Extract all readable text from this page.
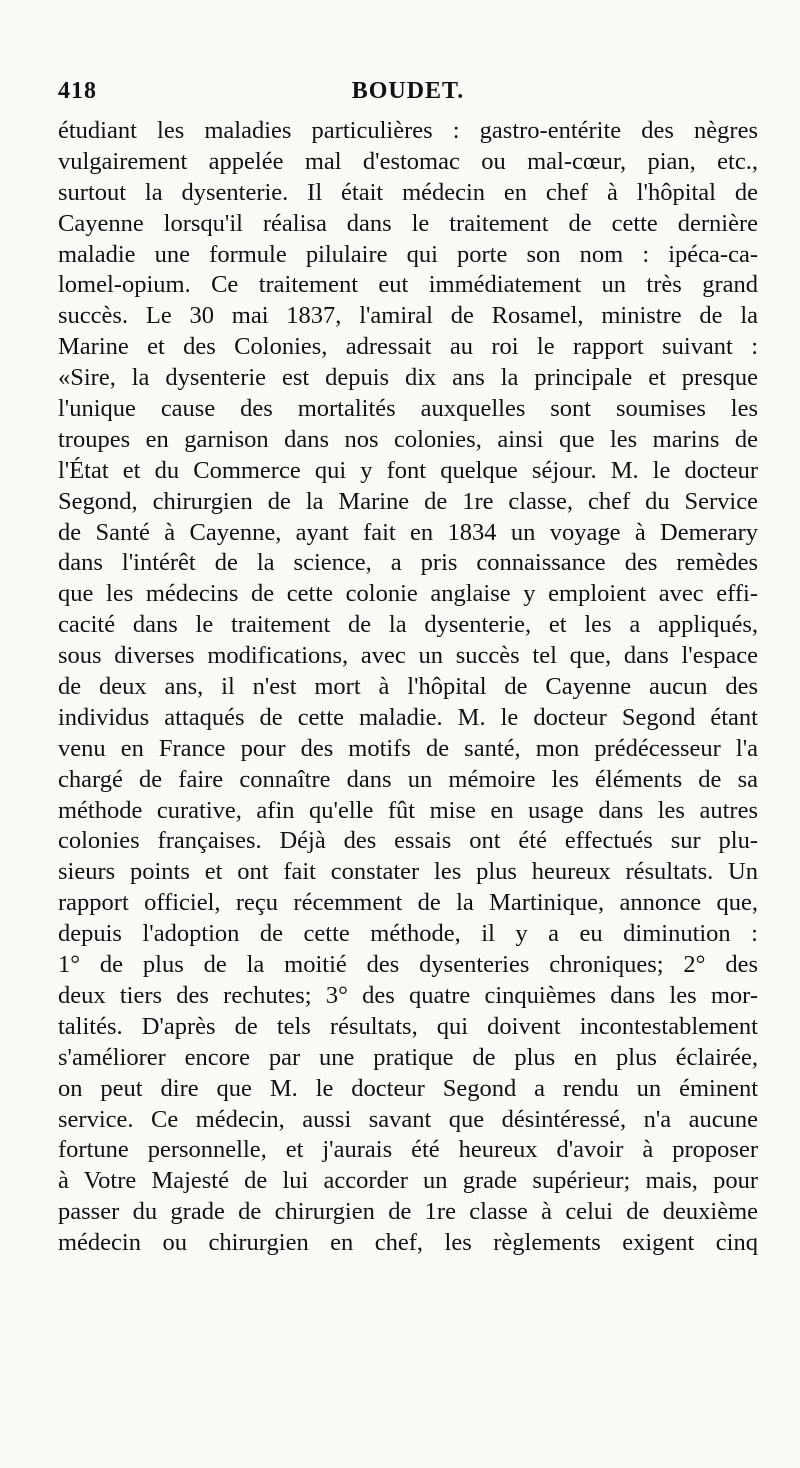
418	BOUDET.
étudiant les maladies particulières : gastro-entérite des nègres
vulgairement appelée mal d'estomac ou mal-cœur, pian, etc.,
surtout la dysenterie. Il était médecin en chef à l'hôpital de
Cayenne lorsqu'il réalisa dans le traitement de cette dernière
maladie une formule pilulaire qui porte son nom : ipéca-ca-
lomel-opium. Ce traitement eut immédiatement un très grand
succès. Le 30 mai 1837, l'amiral de Rosamel, ministre de la
Marine et des Colonies, adressait au roi le rapport suivant :
«Sire, la dysenterie est depuis dix ans la principale et presque
l'unique cause des mortalités auxquelles sont soumises les
troupes en garnison dans nos colonies, ainsi que les marins de
l'État et du Commerce qui y font quelque séjour. M. le docteur
Segond, chirurgien de la Marine de 1re classe, chef du Service
de Santé à Cayenne, ayant fait en 1834 un voyage à Demerary
dans l'intérêt de la science, a pris connaissance des remèdes
que les médecins de cette colonie anglaise y emploient avec effi-
cacité dans le traitement de la dysenterie, et les a appliqués,
sous diverses modifications, avec un succès tel que, dans l'espace
de deux ans, il n'est mort à l'hôpital de Cayenne aucun des
individus attaqués de cette maladie. M. le docteur Segond étant
venu en France pour des motifs de santé, mon prédécesseur l'a
chargé de faire connaître dans un mémoire les éléments de sa
méthode curative, afin qu'elle fût mise en usage dans les autres
colonies françaises. Déjà des essais ont été effectués sur plu-
sieurs points et ont fait constater les plus heureux résultats. Un
rapport officiel, reçu récemment de la Martinique, annonce que,
depuis l'adoption de cette méthode, il y a eu diminution :
1° de plus de la moitié des dysenteries chroniques; 2° des
deux tiers des rechutes; 3° des quatre cinquièmes dans les mor-
talités. D'après de tels résultats, qui doivent incontestablement
s'améliorer encore par une pratique de plus en plus éclairée,
on peut dire que M. le docteur Segond a rendu un éminent
service. Ce médecin, aussi savant que désintéressé, n'a aucune
fortune personnelle, et j'aurais été heureux d'avoir à proposer
à Votre Majesté de lui accorder un grade supérieur; mais, pour
passer du grade de chirurgien de 1re classe à celui de deuxième
médecin ou chirurgien en chef, les règlements exigent cinq
